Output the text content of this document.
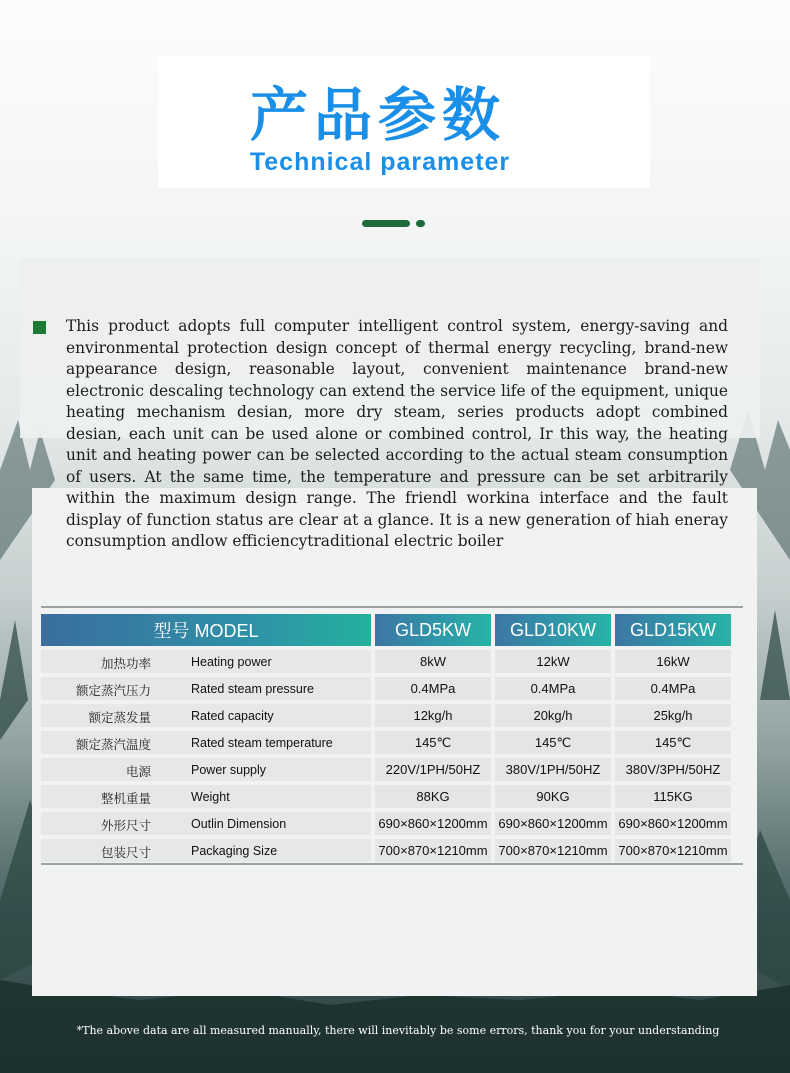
产品参数
Technical parameter

This product adopts full computer intelligent control system, energy-saving and environmental protection design concept of thermal energy recycling, brand-new appearance design, reasonable layout, convenient maintenance brand-new electronic descaling technology can extend the service life of the equipment, unique heating mechanism desian, more dry steam, series products adopt combined desian, each unit can be used alone or combined control, Ir this way, the heating unit and heating power can be selected according to the actual steam consumption of users. At the same time, the temperature and pressure can be set arbitrarily within the maximum design range. The friendl workina interface and the fault display of function status are clear at a glance. It is a new generation of hiah eneray consumption andlow efficiencytraditional electric boiler

型号 MODEL	GLD5KW	GLD10KW	GLD15KW

加热功率 Heating power	8kW	12kW	16kW

额定蒸汽压力 Rated steam pressure	0.4MPa	0.4MPa	0.4MPa

额定蒸发量 Rated capacity	12kg/h	20kg/h	25kg/h

额定蒸汽温度 Rated steam temperature	145℃	145℃	145℃

电源 Power supply	220V/1PH/50HZ	380V/1PH/50HZ	380V/3PH/50HZ

整机重量 Weight	88KG	90KG	115KG

外形尺寸 Outlin Dimension	690×860×1200mm	690×860×1200mm	690×860×1200mm

包装尺寸 Packaging Size	700×870×1210mm	700×870×1210mm	700×870×1210mm
*The above data are all measured manually, there will inevitably be some errors, thank you for your understanding
